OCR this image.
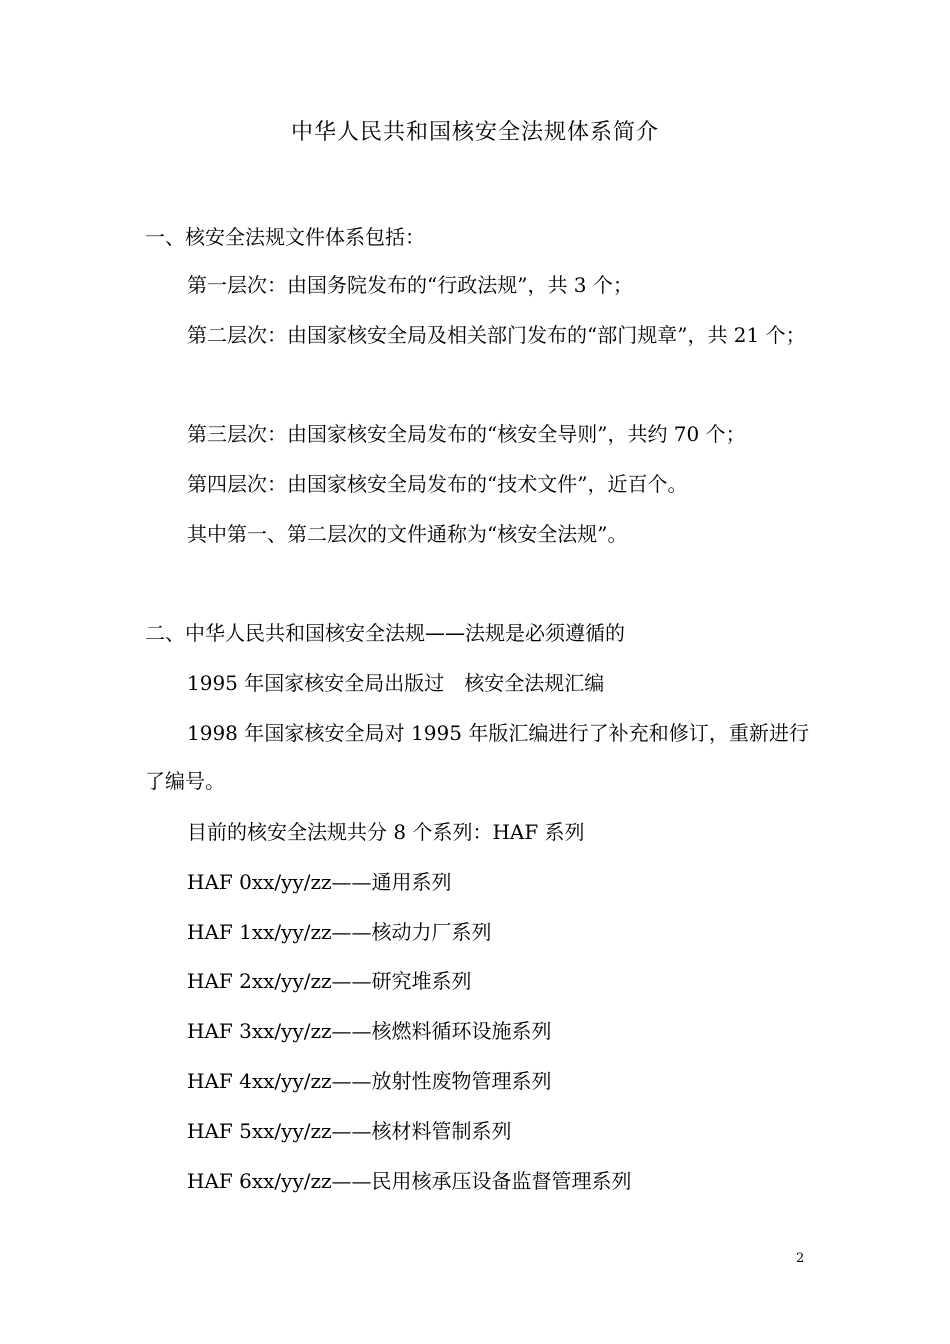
中华人民共和国核安全法规体系简介
一、核安全法规文件体系包括：
第一层次：由国务院发布的“行政法规”，共 3 个；
第二层次：由国家核安全局及相关部门发布的“部门规章”，共 21 个；
第三层次：由国家核安全局发布的“核安全导则”，共约 70 个；
第四层次：由国家核安全局发布的“技术文件”，近百个。
其中第一、第二层次的文件通称为“核安全法规”。
二、中华人民共和国核安全法规——法规是必须遵循的
1995 年国家核安全局出版过　核安全法规汇编
1998 年国家核安全局对 1995 年版汇编进行了补充和修订，重新进行了编号。
目前的核安全法规共分 8 个系列：HAF 系列
HAF 0xx/yy/zz——通用系列
HAF 1xx/yy/zz——核动力厂系列
HAF 2xx/yy/zz——研究堆系列
HAF 3xx/yy/zz——核燃料循环设施系列
HAF 4xx/yy/zz——放射性废物管理系列
HAF 5xx/yy/zz——核材料管制系列
HAF 6xx/yy/zz——民用核承压设备监督管理系列
2
